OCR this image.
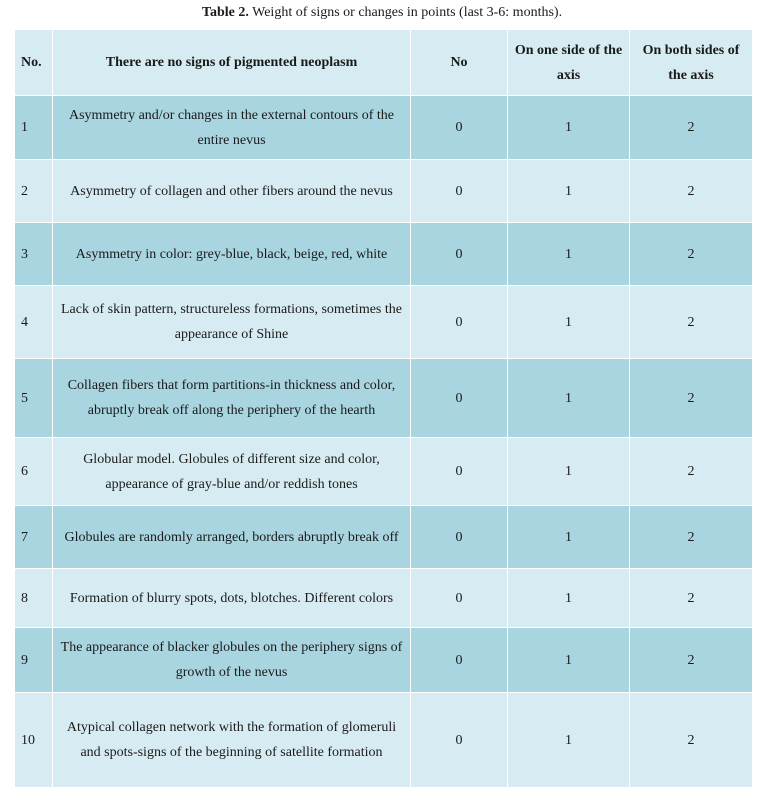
Table 2. Weight of signs or changes in points (last 3-6: months).
No.	There are no signs of pigmented neoplasm	No	On one side of the axis	On both sides of the axis
1	Asymmetry and/or changes in the external contours of the entire nevus	0	1	2
2	Asymmetry of collagen and other fibers around the nevus	0	1	2
3	Asymmetry in color: grey-blue, black, beige, red, white	0	1	2
4	Lack of skin pattern, structureless formations, sometimes the appearance of Shine	0	1	2
5	Collagen fibers that form partitions-in thickness and color, abruptly break off along the periphery of the hearth	0	1	2
6	Globular model. Globules of different size and color, appearance of gray-blue and/or reddish tones	0	1	2
7	Globules are randomly arranged, borders abruptly break off	0	1	2
8	Formation of blurry spots, dots, blotches. Different colors	0	1	2
9	The appearance of blacker globules on the periphery signs of growth of the nevus	0	1	2
10	Atypical collagen network with the formation of glomeruli and spots-signs of the beginning of satellite formation	0	1	2
